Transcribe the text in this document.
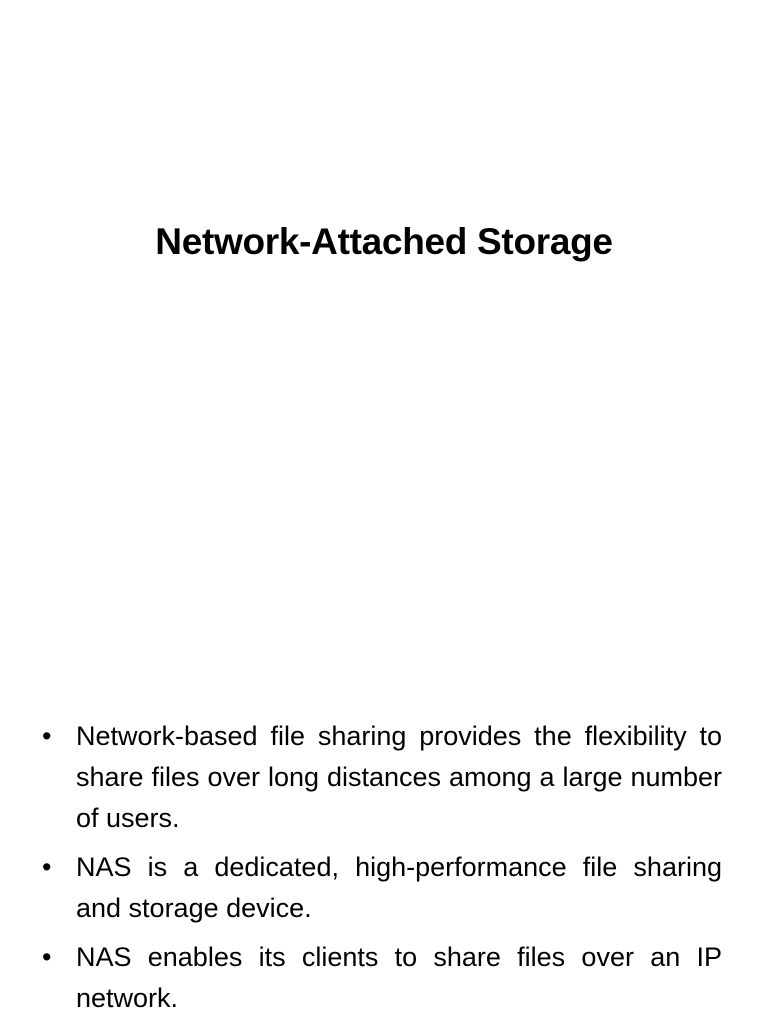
Network-Attached Storage
• Network-based file sharing provides the flexibility to share files over long distances among a large number of users.
• NAS is a dedicated, high-performance file sharing and storage device.
• NAS enables its clients to share files over an IP network.
